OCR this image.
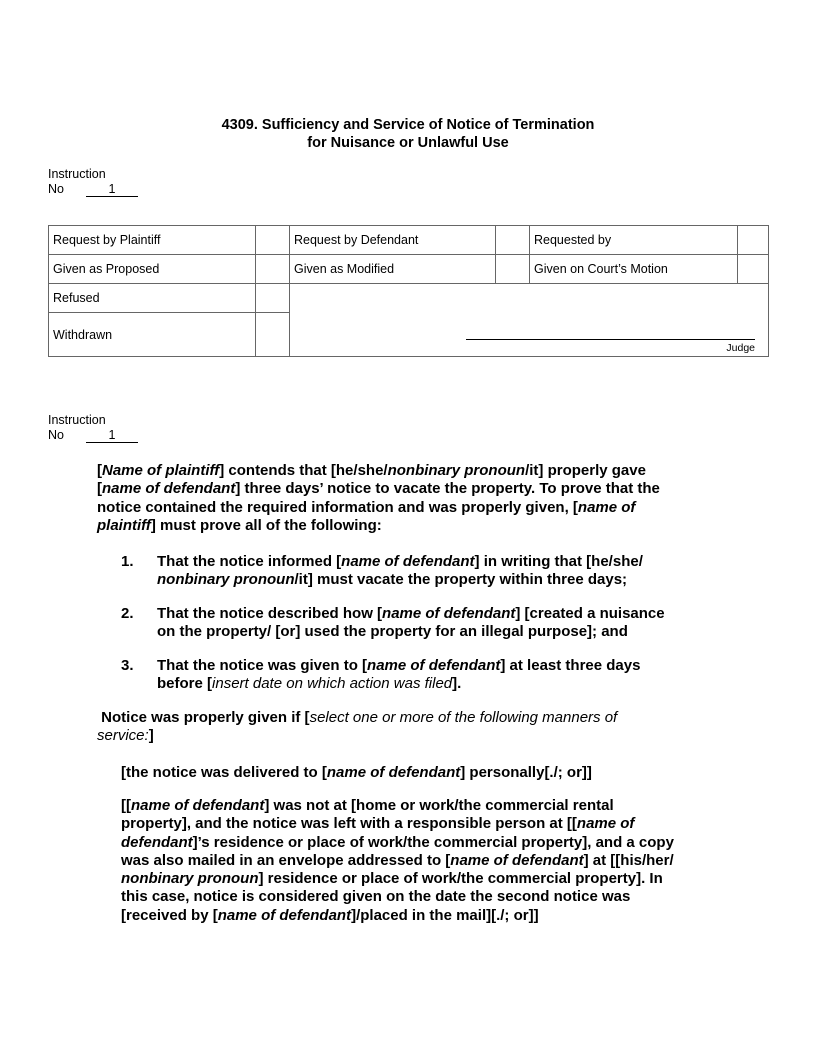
4309. Sufficiency and Service of Notice of Termination
for Nuisance or Unlawful Use
Instruction
No	1
Request by Plaintiff		Request by Defendant		Requested by	
Given as Proposed		Given as Modified		Given on Court’s Motion	
Refused		Judge			

Withdrawn					
Instruction
No	1
[Name of plaintiff] contends that [he/she/nonbinary pronoun/it] properly gave
[name of defendant] three days’ notice to vacate the property. To prove that the
notice contained the required information and was properly given, [name of
plaintiff] must prove all of the following:
1. That the notice informed [name of defendant] in writing that [he/she/
nonbinary pronoun/it] must vacate the property within three days;
2. That the notice described how [name of defendant] [created a nuisance
on the property/ [or] used the property for an illegal purpose]; and
3. That the notice was given to [name of defendant] at least three days
before [insert date on which action was filed].
Notice was properly given if [select one or more of the following manners of
service:]
[the notice was delivered to [name of defendant] personally[./; or]]
[[name of defendant] was not at [home or work/the commercial rental
property], and the notice was left with a responsible person at [[name of
defendant]’s residence or place of work/the commercial property], and a copy
was also mailed in an envelope addressed to [name of defendant] at [[his/her/
nonbinary pronoun] residence or place of work/the commercial property]. In
this case, notice is considered given on the date the second notice was
[received by [name of defendant]/placed in the mail][./; or]]
